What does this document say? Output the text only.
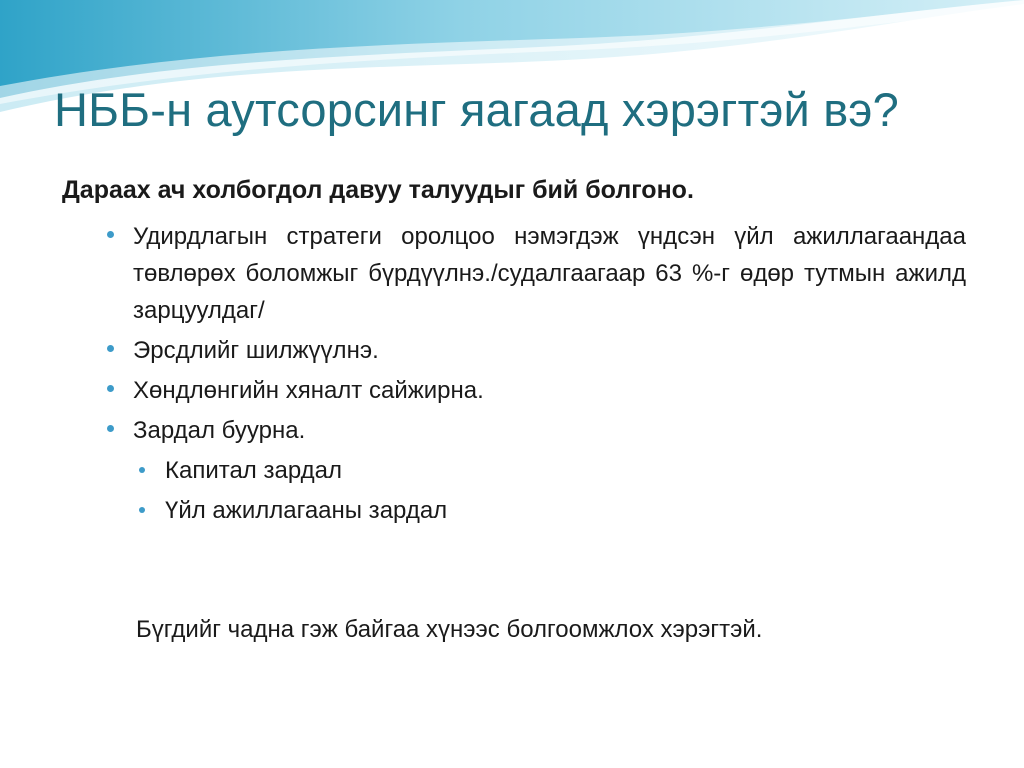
НББ-н аутсорсинг яагаад хэрэгтэй вэ?

Дараах ач холбогдол давуу талуудыг бий болгоно.

Удирдлагын стратеги оролцоо нэмэгдэж үндсэн үйл ажиллагаандаа төвлөрөх боломжыг бүрдүүлнэ./судалгаагаар 63 %-г өдөр тутмын ажилд зарцуулдаг/
Эрсдлийг шилжүүлнэ.
Хөндлөнгийн хяналт сайжирна.
Зардал буурна.
Капитал зардал
Үйл ажиллагааны зардал

Бүгдийг чадна гэж байгаа хүнээс болгоомжлох хэрэгтэй.
